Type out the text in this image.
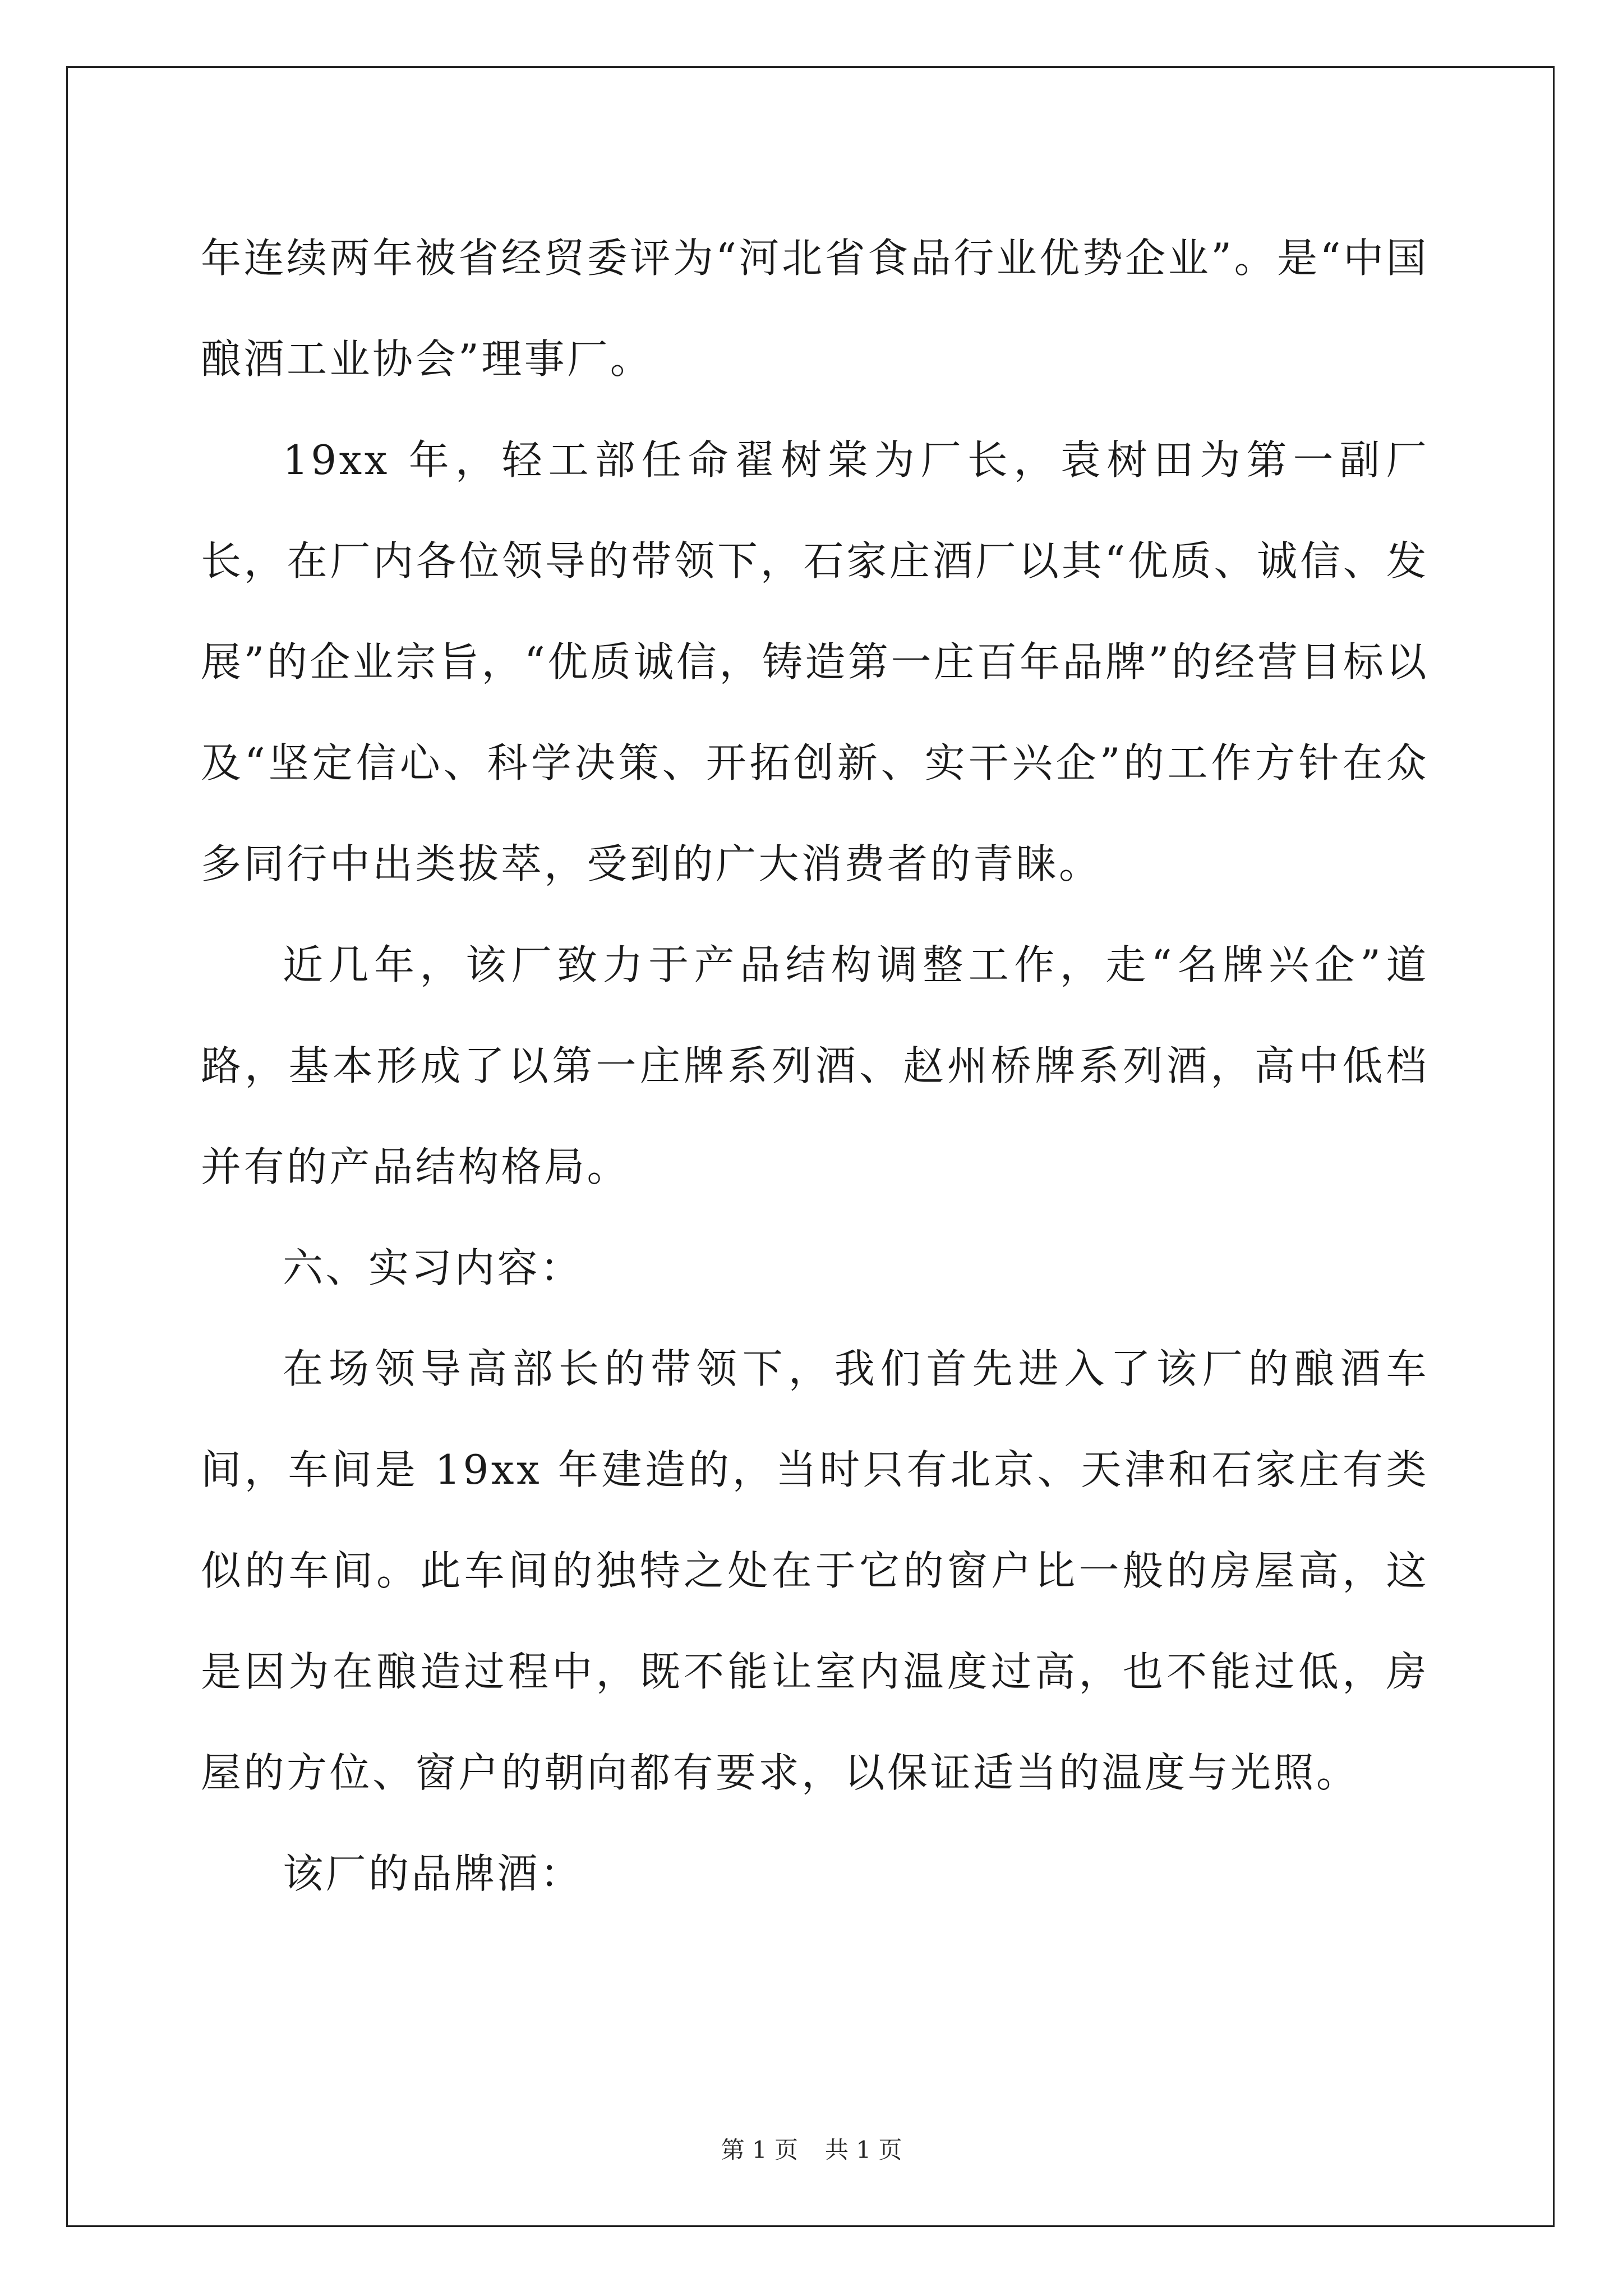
年连续两年被省经贸委评为“河北省食品行业优势企业”。是“中国酿酒工业协会”理事厂。

19xx 年，轻工部任命翟树棠为厂长，袁树田为第一副厂长，在厂内各位领导的带领下，石家庄酒厂以其“优质、诚信、发展”的企业宗旨，“优质诚信，铸造第一庄百年品牌”的经营目标以及“坚定信心、科学决策、开拓创新、实干兴企”的工作方针在众多同行中出类拔萃，受到的广大消费者的青睐。

近几年，该厂致力于产品结构调整工作，走“名牌兴企”道路，基本形成了以第一庄牌系列酒、赵州桥牌系列酒，高中低档并有的产品结构格局。

六、实习内容：

在场领导高部长的带领下，我们首先进入了该厂的酿酒车间，车间是 19xx 年建造的，当时只有北京、天津和石家庄有类似的车间。此车间的独特之处在于它的窗户比一般的房屋高，这是因为在酿造过程中，既不能让室内温度过高，也不能过低，房屋的方位、窗户的朝向都有要求，以保证适当的温度与光照。

该厂的品牌酒：

第 1 页 共 1 页
